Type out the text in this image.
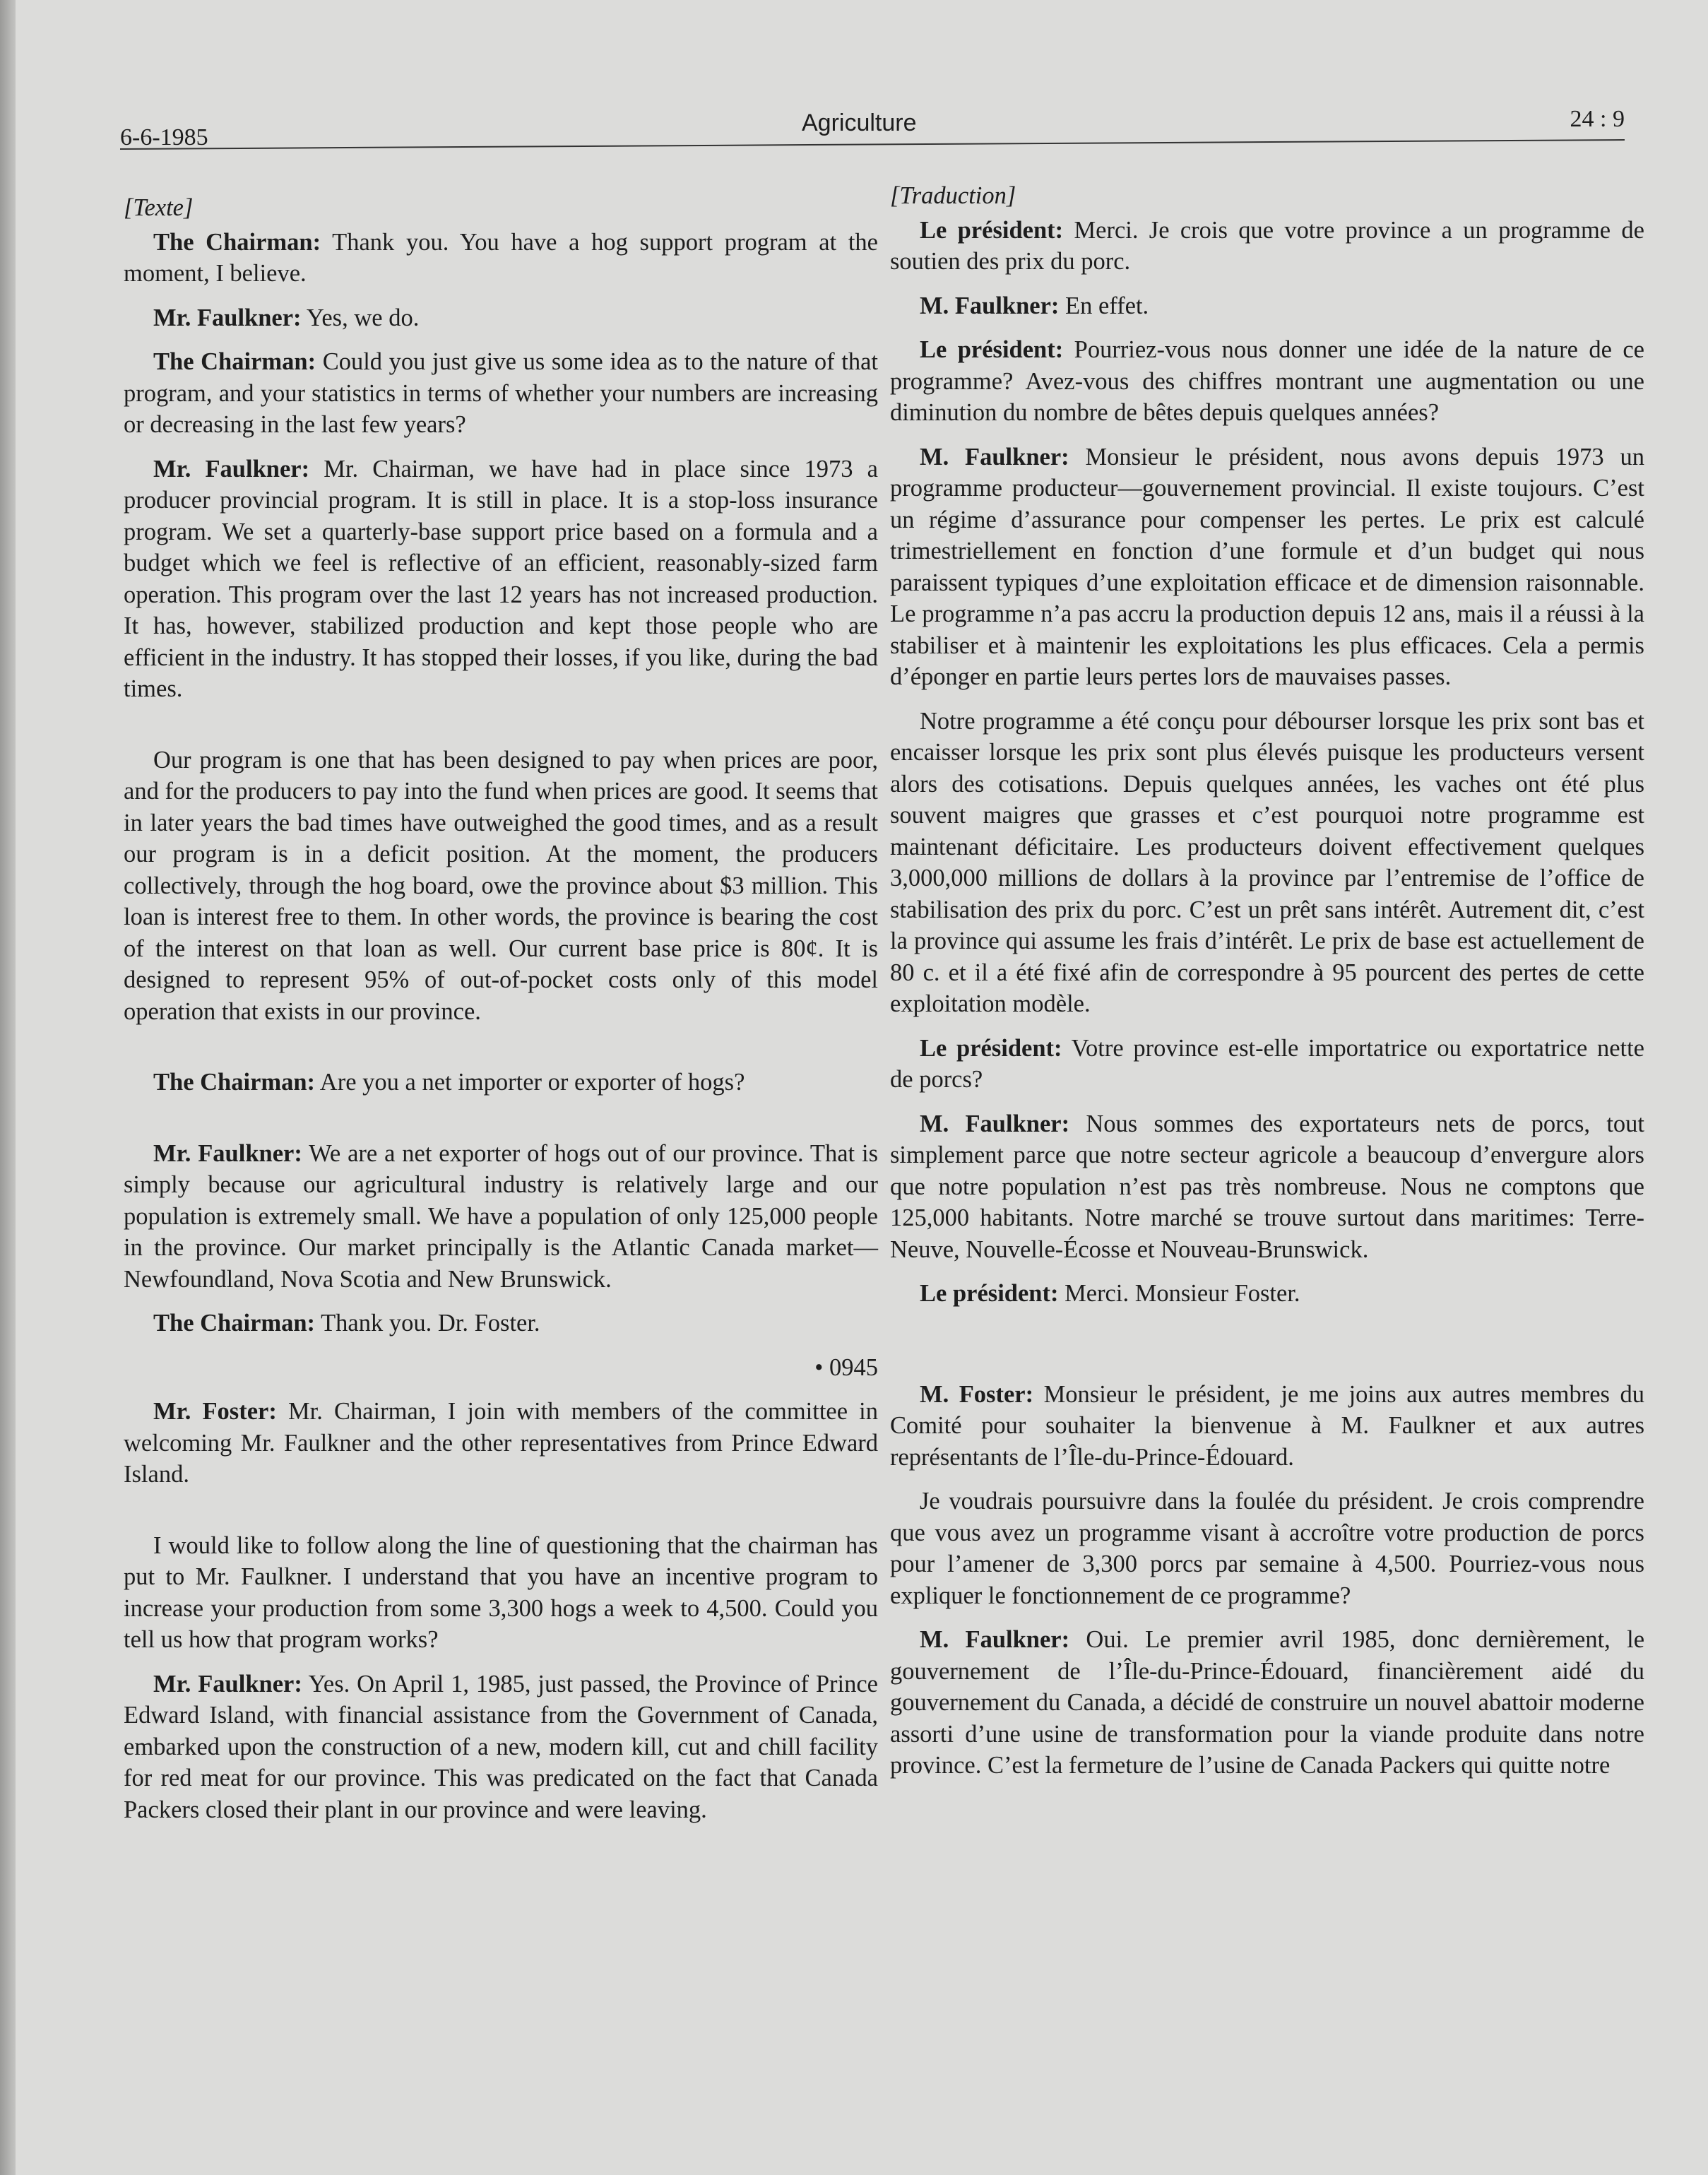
6-6-1985
Agriculture	24 : 9

[Texte]

The Chairman: Thank you. You have a hog support program at the moment, I believe.

Mr. Faulkner: Yes, we do.

The Chairman: Could you just give us some idea as to the nature of that program, and your statistics in terms of whether your numbers are increasing or decreasing in the last few years?

Mr. Faulkner: Mr. Chairman, we have had in place since 1973 a producer provincial program. It is still in place. It is a stop-loss insurance program. We set a quarterly-base support price based on a formula and a budget which we feel is reflective of an efficient, reasonably-sized farm operation. This program over the last 12 years has not increased production. It has, however, stabilized production and kept those people who are efficient in the industry. It has stopped their losses, if you like, during the bad times.

Our program is one that has been designed to pay when prices are poor, and for the producers to pay into the fund when prices are good. It seems that in later years the bad times have outweighed the good times, and as a result our program is in a deficit position. At the moment, the producers collectively, through the hog board, owe the province about $3 million. This loan is interest free to them. In other words, the province is bearing the cost of the interest on that loan as well. Our current base price is 80¢. It is designed to represent 95% of out-of-pocket costs only of this model operation that exists in our province.

The Chairman: Are you a net importer or exporter of hogs?

Mr. Faulkner: We are a net exporter of hogs out of our province. That is simply because our agricultural industry is relatively large and our population is extremely small. We have a population of only 125,000 people in the province. Our market principally is the Atlantic Canada market—Newfoundland, Nova Scotia and New Brunswick.

The Chairman: Thank you. Dr. Foster.

• 0945

Mr. Foster: Mr. Chairman, I join with members of the committee in welcoming Mr. Faulkner and the other representatives from Prince Edward Island.

I would like to follow along the line of questioning that the chairman has put to Mr. Faulkner. I understand that you have an incentive program to increase your production from some 3,300 hogs a week to 4,500. Could you tell us how that program works?

Mr. Faulkner: Yes. On April 1, 1985, just passed, the Province of Prince Edward Island, with financial assistance from the Government of Canada, embarked upon the construction of a new, modern kill, cut and chill facility for red meat for our province. This was predicated on the fact that Canada Packers closed their plant in our province and were leaving.

[Traduction]

Le président: Merci. Je crois que votre province a un programme de soutien des prix du porc.

M. Faulkner: En effet.

Le président: Pourriez-vous nous donner une idée de la nature de ce programme? Avez-vous des chiffres montrant une augmentation ou une diminution du nombre de bêtes depuis quelques années?

M. Faulkner: Monsieur le président, nous avons depuis 1973 un programme producteur—gouvernement provincial. Il existe toujours. C’est un régime d’assurance pour compenser les pertes. Le prix est calculé trimestriellement en fonction d’une formule et d’un budget qui nous paraissent typiques d’une exploitation efficace et de dimension raisonnable. Le programme n’a pas accru la production depuis 12 ans, mais il a réussi à la stabiliser et à maintenir les exploitations les plus efficaces. Cela a permis d’éponger en partie leurs pertes lors de mauvaises passes.

Notre programme a été conçu pour débourser lorsque les prix sont bas et encaisser lorsque les prix sont plus élevés puisque les producteurs versent alors des cotisations. Depuis quelques années, les vaches ont été plus souvent maigres que grasses et c’est pourquoi notre programme est maintenant déficitaire. Les producteurs doivent effectivement quelques 3,000,000 millions de dollars à la province par l’entremise de l’office de stabilisation des prix du porc. C’est un prêt sans intérêt. Autrement dit, c’est la province qui assume les frais d’intérêt. Le prix de base est actuellement de 80 c. et il a été fixé afin de correspondre à 95 pourcent des pertes de cette exploitation modèle.

Le président: Votre province est-elle importatrice ou exportatrice nette de porcs?

M. Faulkner: Nous sommes des exportateurs nets de porcs, tout simplement parce que notre secteur agricole a beaucoup d’envergure alors que notre population n’est pas très nombreuse. Nous ne comptons que 125,000 habitants. Notre marché se trouve surtout dans maritimes: Terre-Neuve, Nouvelle-Écosse et Nouveau-Brunswick.

Le président: Merci. Monsieur Foster.

M. Foster: Monsieur le président, je me joins aux autres membres du Comité pour souhaiter la bienvenue à M. Faulkner et aux autres représentants de l’Île-du-Prince-Édouard.

Je voudrais poursuivre dans la foulée du président. Je crois comprendre que vous avez un programme visant à accroître votre production de porcs pour l’amener de 3,300 porcs par semaine à 4,500. Pourriez-vous nous expliquer le fonctionnement de ce programme?

M. Faulkner: Oui. Le premier avril 1985, donc dernièrement, le gouvernement de l’Île-du-Prince-Édouard, financièrement aidé du gouvernement du Canada, a décidé de construire un nouvel abattoir moderne assorti d’une usine de transformation pour la viande produite dans notre province. C’est la fermeture de l’usine de Canada Packers qui quitte notre
